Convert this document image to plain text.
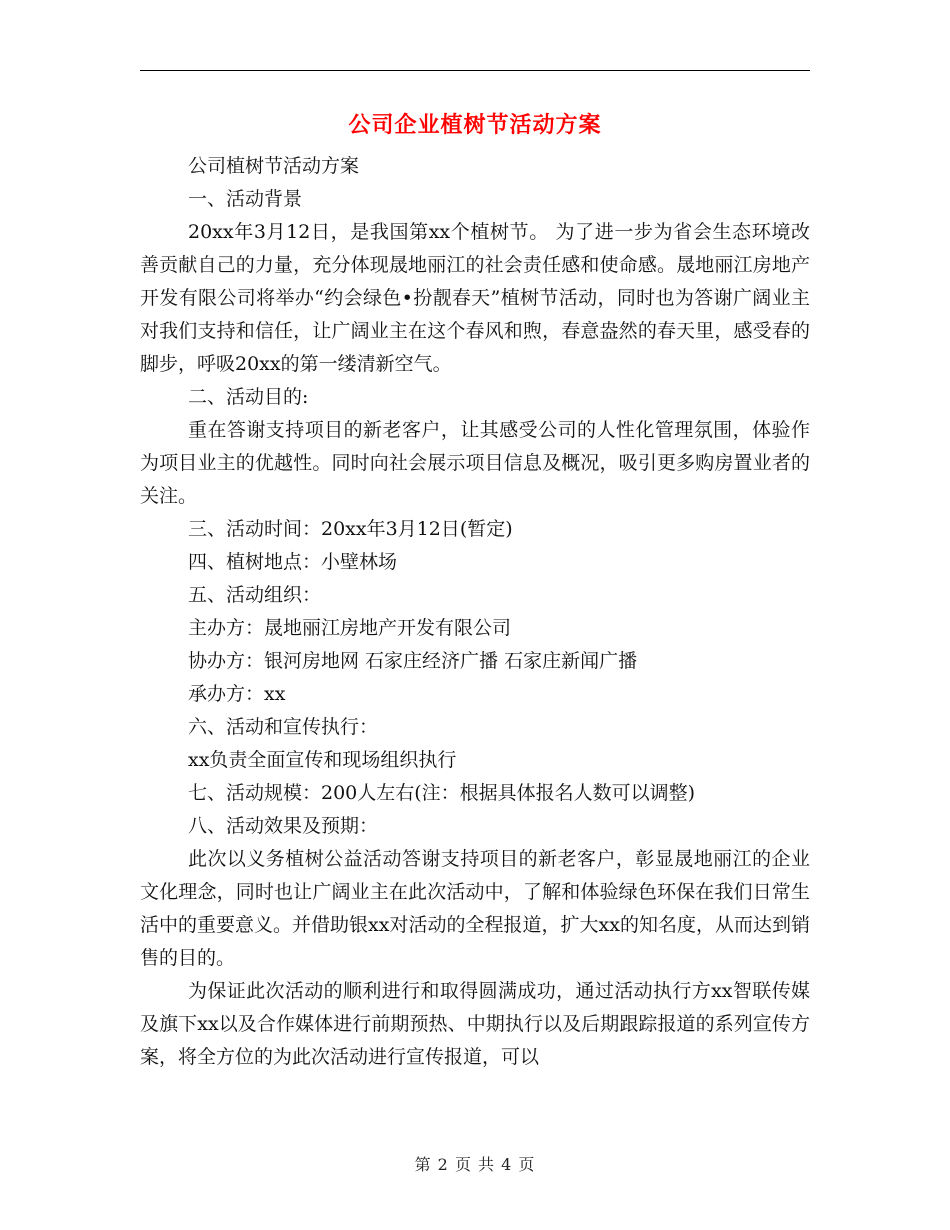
公司企业植树节活动方案

公司植树节活动方案

一、活动背景

20xx年3月12日，是我国第xx个植树节。 为了进一步为省会生态环境改善贡献自己的力量，充分体现晟地丽江的社会责任感和使命感。晟地丽江房地产开发有限公司将举办“约会绿色•扮靓春天”植树节活动，同时也为答谢广阔业主对我们支持和信任，让广阔业主在这个春风和煦，春意盎然的春天里，感受春的脚步，呼吸20xx的第一缕清新空气。

二、活动目的:

重在答谢支持项目的新老客户，让其感受公司的人性化管理氛围，体验作为项目业主的优越性。同时向社会展示项目信息及概况，吸引更多购房置业者的关注。

三、活动时间：20xx年3月12日(暂定)

四、植树地点：小壁林场

五、活动组织：

主办方：晟地丽江房地产开发有限公司

协办方：银河房地网 石家庄经济广播 石家庄新闻广播

承办方：xx

六、活动和宣传执行：

xx负责全面宣传和现场组织执行

七、活动规模：200人左右(注：根据具体报名人数可以调整)

八、活动效果及预期：

此次以义务植树公益活动答谢支持项目的新老客户，彰显晟地丽江的企业文化理念，同时也让广阔业主在此次活动中，了解和体验绿色环保在我们日常生活中的重要意义。并借助银xx对活动的全程报道，扩大xx的知名度，从而达到销售的目的。

为保证此次活动的顺利进行和取得圆满成功，通过活动执行方xx智联传媒及旗下xx以及合作媒体进行前期预热、中期执行以及后期跟踪报道的系列宣传方案，将全方位的为此次活动进行宣传报道，可以

第 2 页 共 4 页
